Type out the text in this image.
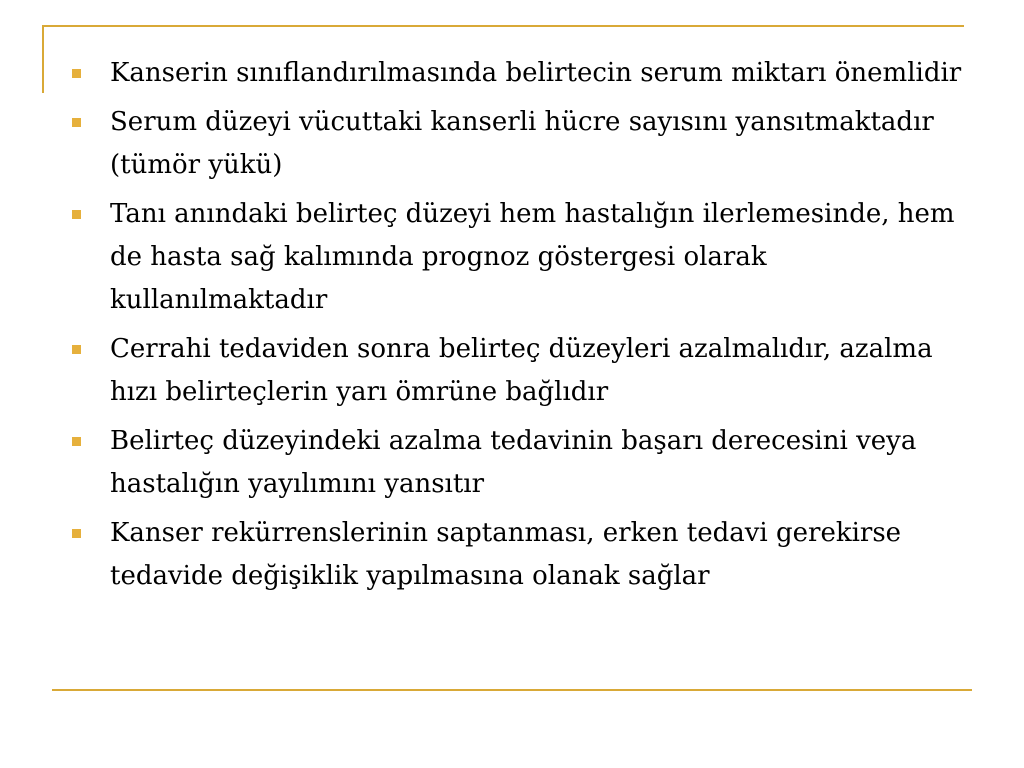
Kanserin sınıflandırılmasında belirtecin serum miktarı önemlidir
Serum düzeyi vücuttaki kanserli hücre sayısını yansıtmaktadır (tümör yükü)
Tanı anındaki belirteç düzeyi hem hastalığın ilerlemesinde, hem de hasta sağ kalımında prognoz göstergesi olarak kullanılmaktadır
Cerrahi tedaviden sonra belirteç düzeyleri azalmalıdır, azalma hızı belirteçlerin yarı ömrüne bağlıdır
Belirteç düzeyindeki azalma tedavinin başarı derecesini veya hastalığın yayılımını yansıtır
Kanser rekürrenslerinin saptanması, erken tedavi gerekirse tedavide değişiklik yapılmasına olanak sağlar
